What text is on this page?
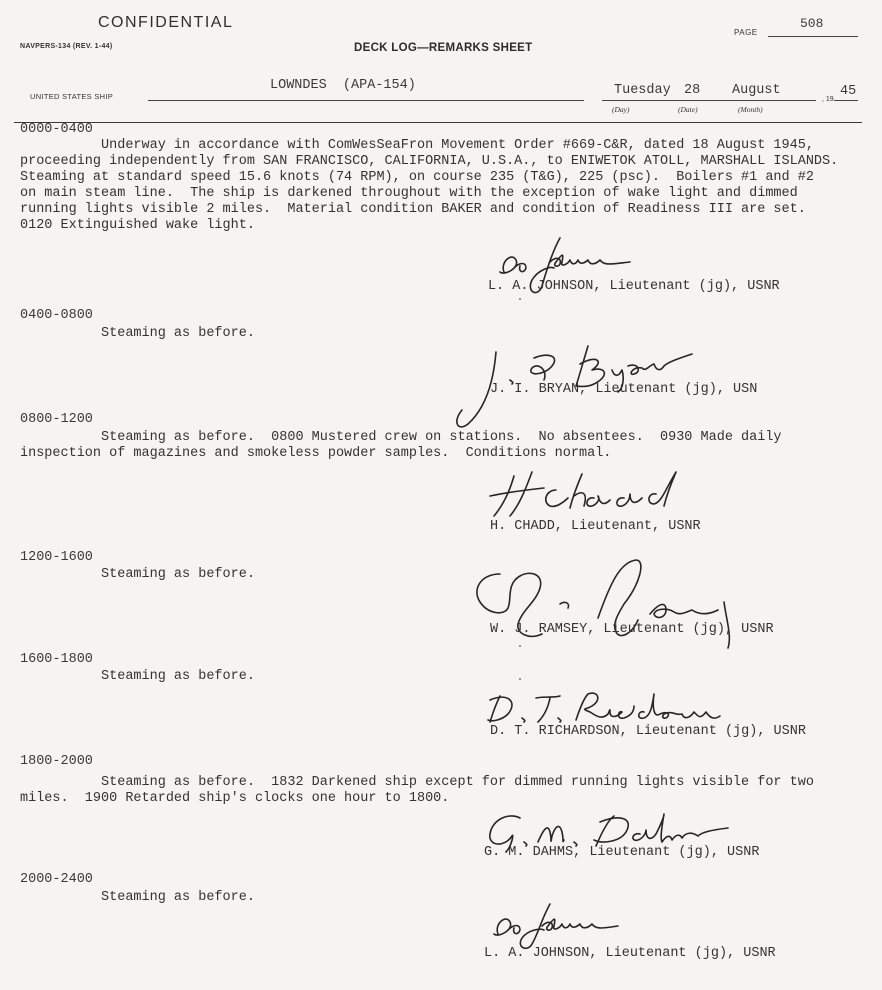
CONFIDENTIAL
NAVPERS-134 (REV. 1-44)	DECK LOG—REMARKS SHEET
PAGE
508
UNITED STATES SHIP
LOWNDES  (APA-154)	Tuesday 28 August
(Day)	(Date)	(Month)
, 19
45
0000-0400
Underway in accordance with ComWesSeaFron Movement Order #669-C&R, dated 18 August 1945,
proceeding independently from SAN FRANCISCO, CALIFORNIA, U.S.A., to ENIWETOK ATOLL, MARSHALL ISLANDS.
Steaming at standard speed 15.6 knots (74 RPM), on course 235 (T&G), 225 (psc).  Boilers #1 and #2
on main steam line.  The ship is darkened throughout with the exception of wake light and dimmed
running lights visible 2 miles.  Material condition BAKER and condition of Readiness III are set.
0120 Extinguished wake light.
L. A. JOHNSON, Lieutenant (jg), USNR
0400-0800
Steaming as before.
J. I. BRYAN, Lieutenant (jg), USN
0800-1200
Steaming as before.  0800 Mustered crew on stations.  No absentees.  0930 Made daily
inspection of magazines and smokeless powder samples.  Conditions normal.
H. CHADD, Lieutenant, USNR
1200-1600
Steaming as before.
W. J. RAMSEY, Lieutenant (jg), USNR
1600-1800
Steaming as before.
D. T. RICHARDSON, Lieutenant (jg), USNR
1800-2000
Steaming as before.  1832 Darkened ship except for dimmed running lights visible for two
miles.  1900 Retarded ship's clocks one hour to 1800.
G. M. DAHMS, Lieutenant (jg), USNR
2000-2400
Steaming as before.
L. A. JOHNSON, Lieutenant (jg), USNR
